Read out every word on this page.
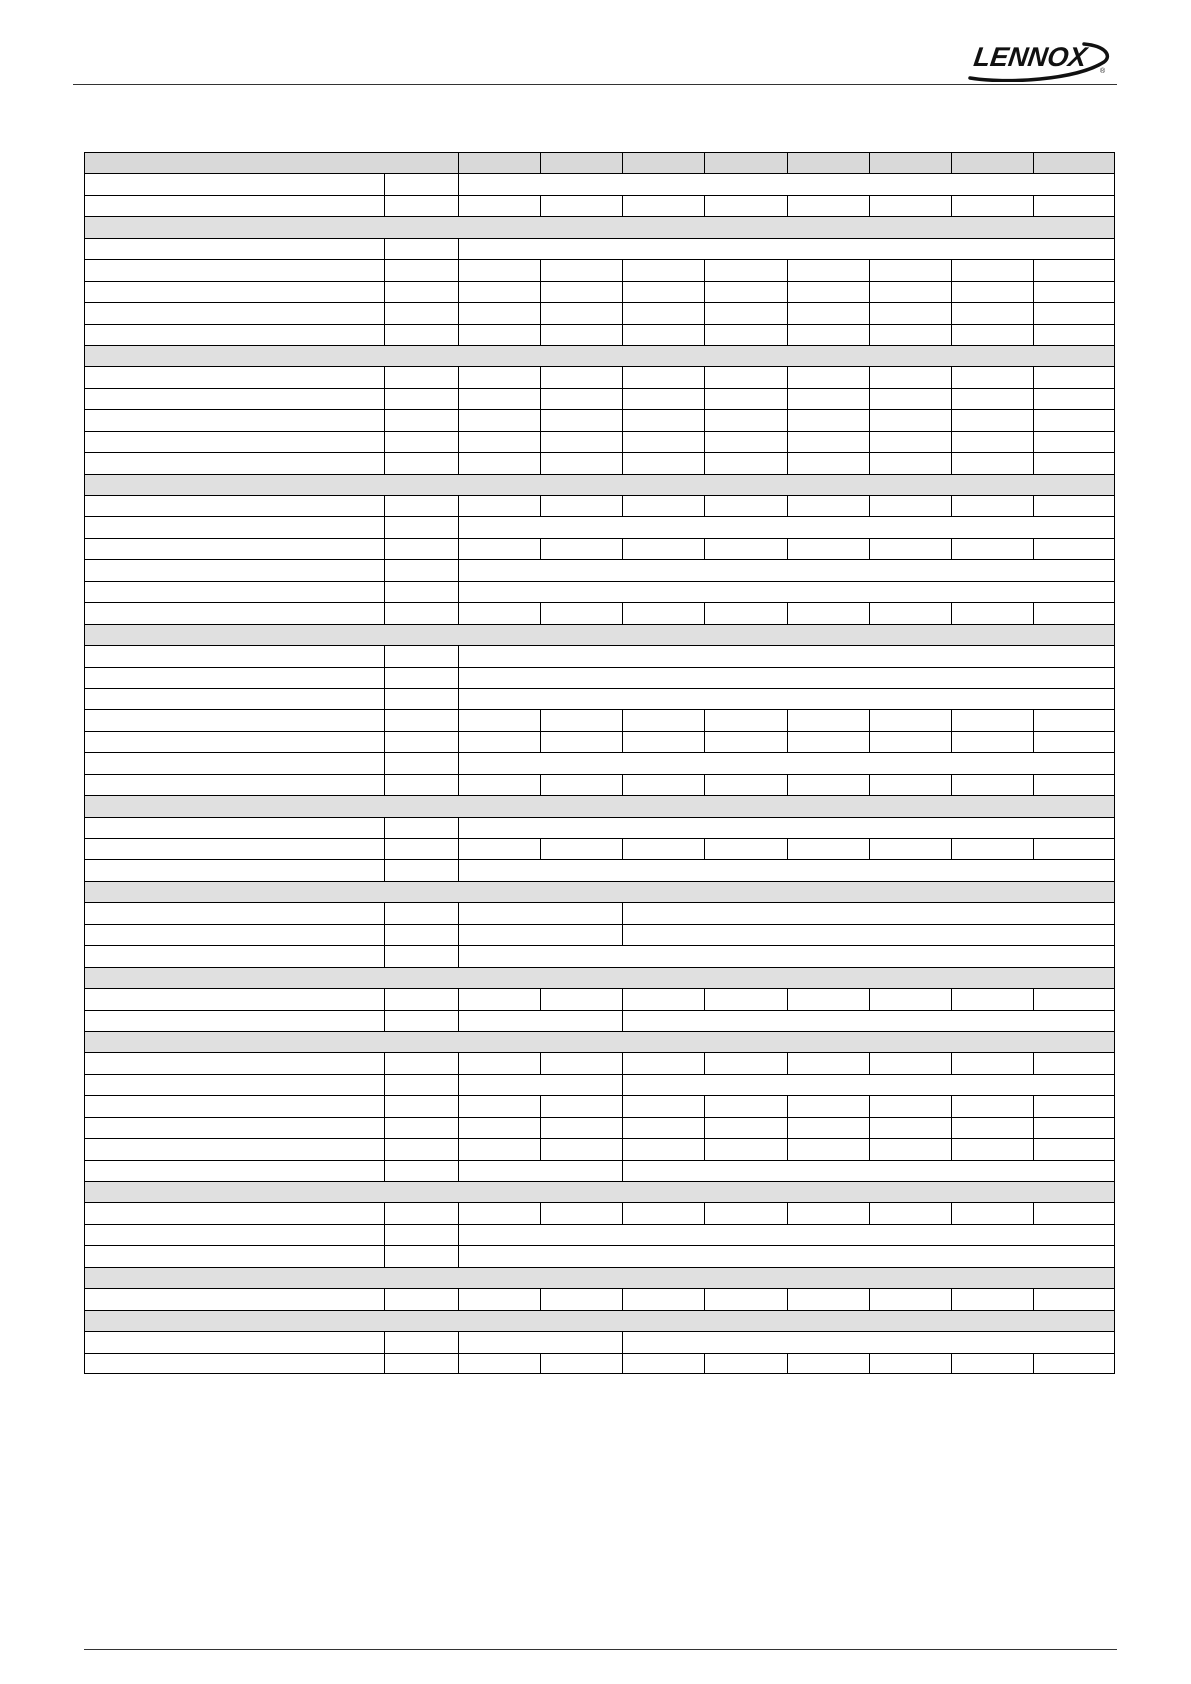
LENNOX ®
